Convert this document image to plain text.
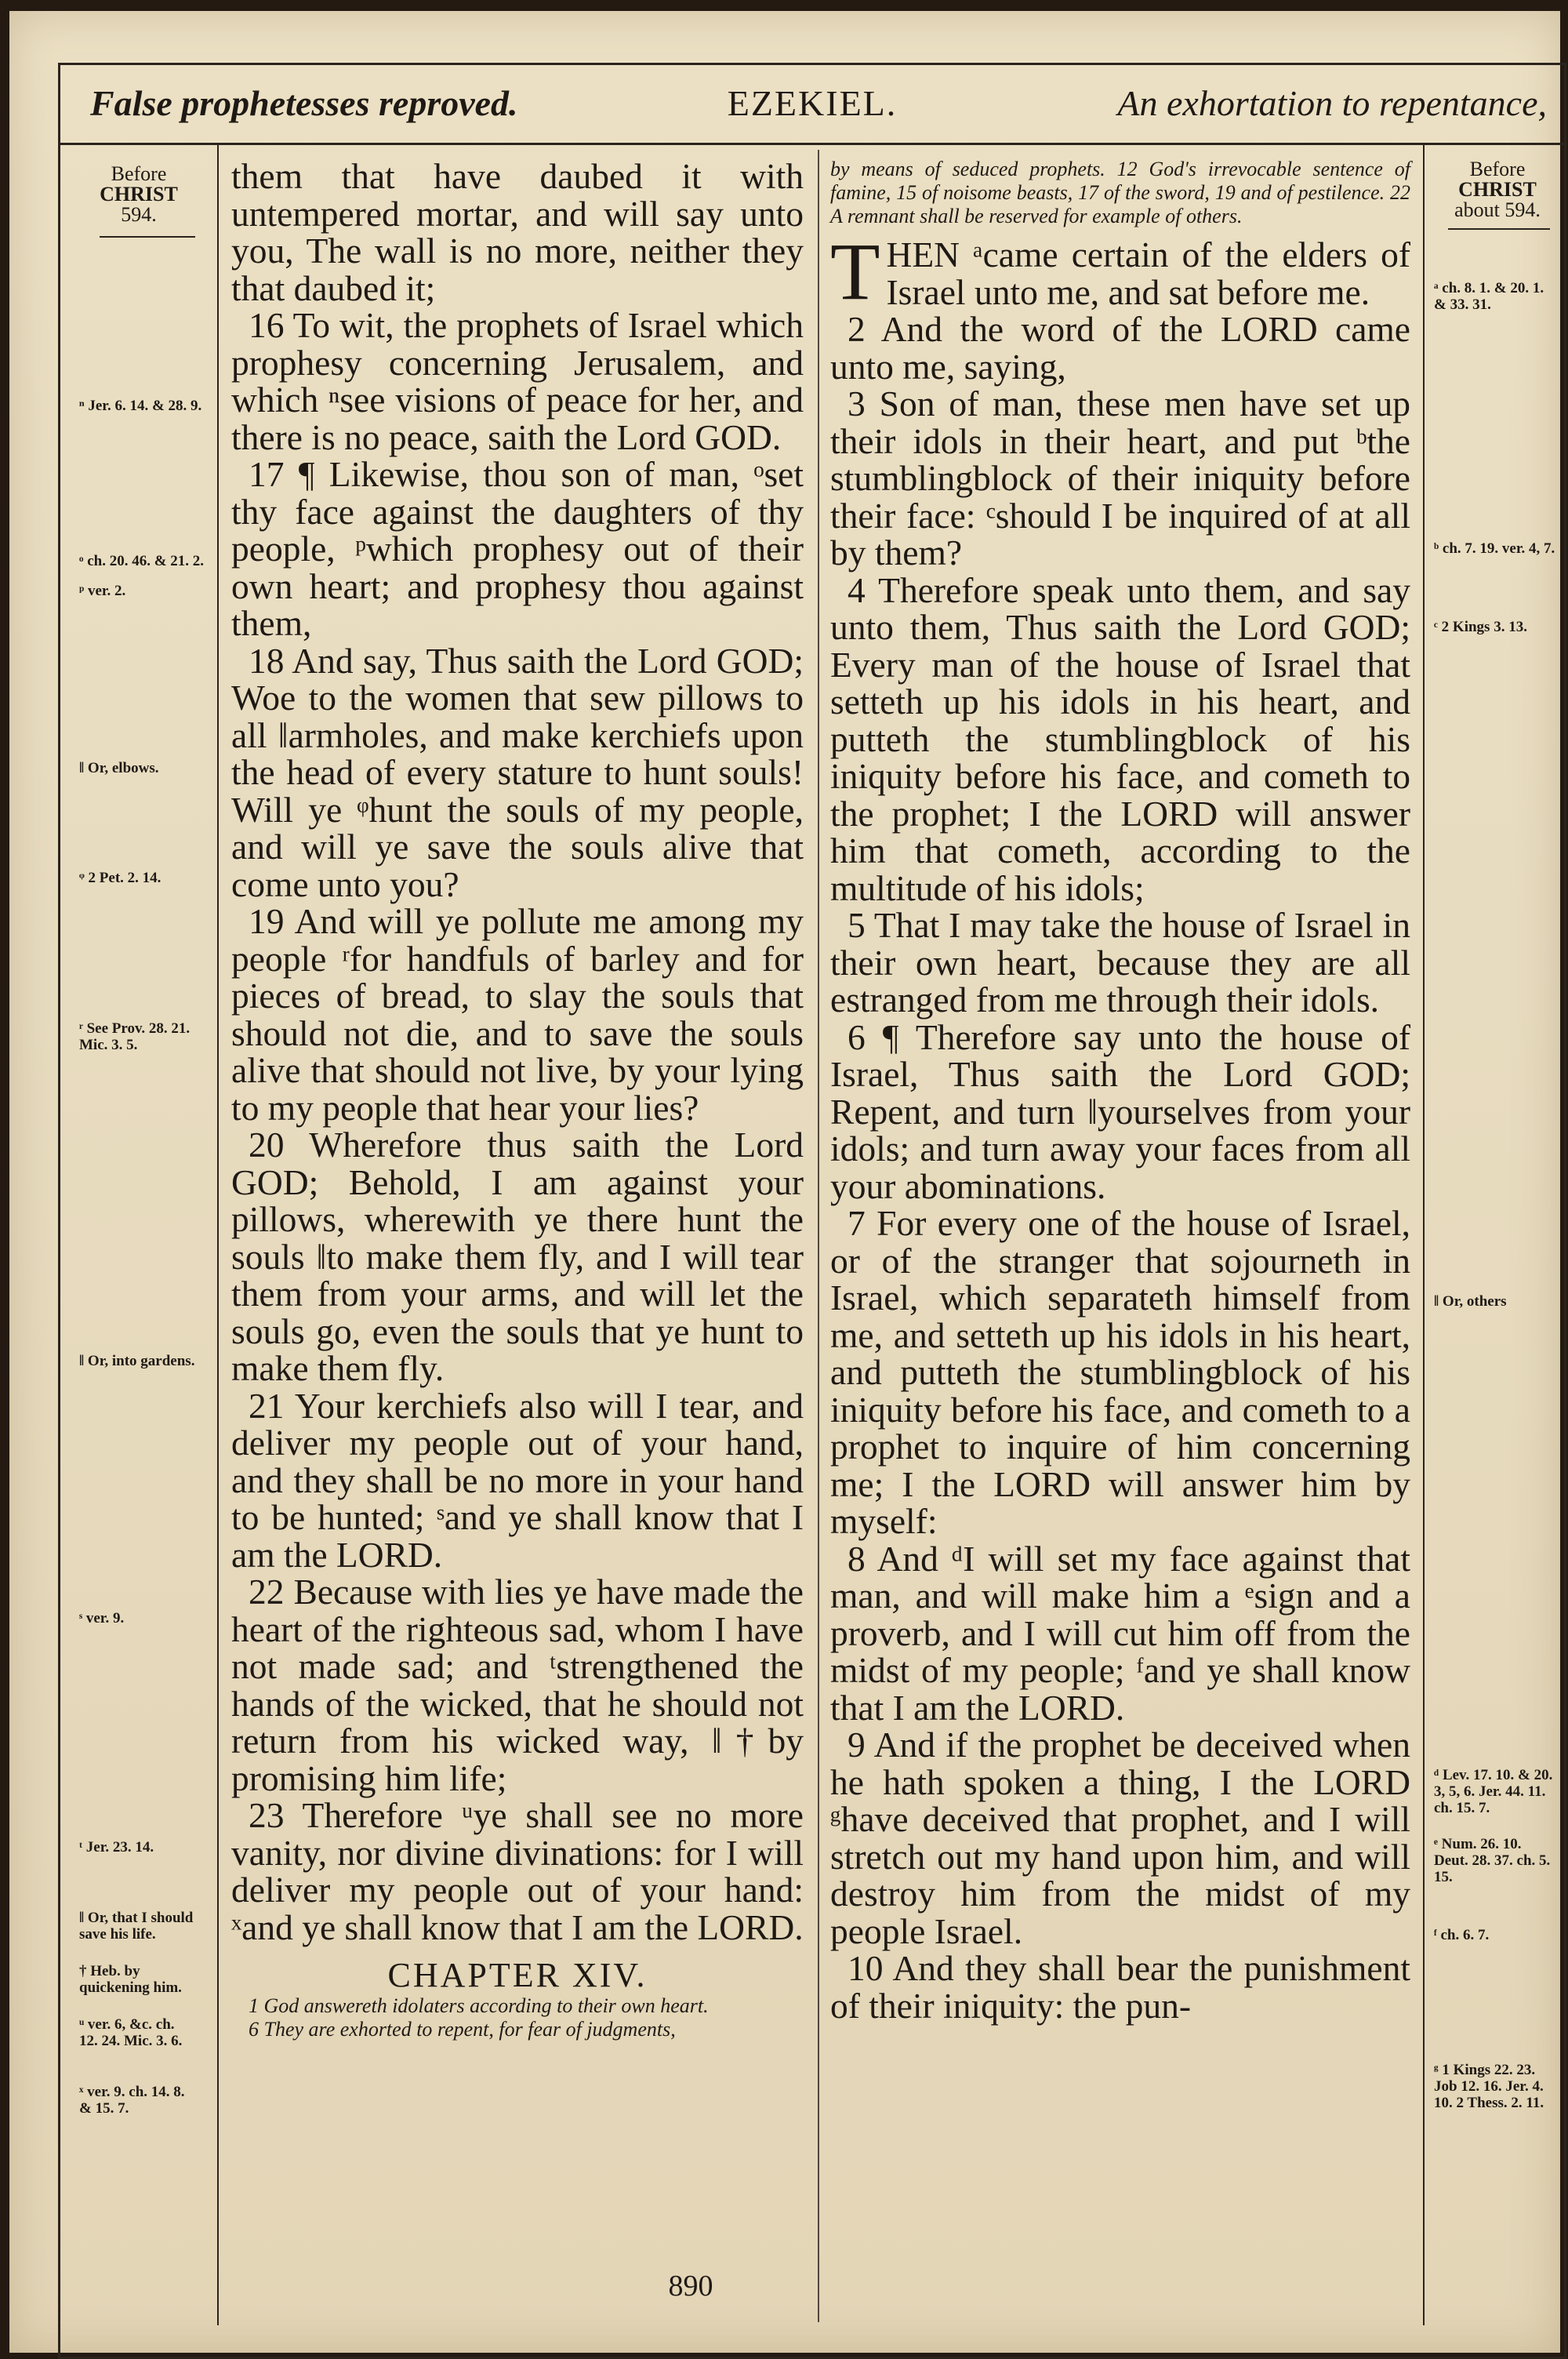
False prophetesses reproved.	EZEKIEL.	An exhortation to repentance,
Before
CHRIST
594.
Before
CHRIST
about 594.
ⁿ Jer. 6. 14. & 28. 9.
ᵒ ch. 20. 46. & 21. 2.
ᵖ ver. 2.
‖ Or, elbows.
ᵠ 2 Pet. 2. 14.
ʳ See Prov. 28. 21. Mic. 3. 5.
‖ Or, into gardens.
ˢ ver. 9.
ᵗ Jer. 23. 14.
‖ Or, that I should save his life.
† Heb. by quickening him.
ᵘ ver. 6, &c. ch. 12. 24. Mic. 3. 6.
ˣ ver. 9. ch. 14. 8. & 15. 7.
ᵃ ch. 8. 1. & 20. 1. & 33. 31.
ᵇ ch. 7. 19. ver. 4, 7.
ᶜ 2 Kings 3. 13.
‖ Or, others
ᵈ Lev. 17. 10. & 20. 3, 5, 6. Jer. 44. 11. ch. 15. 7.
ᵉ Num. 26. 10. Deut. 28. 37. ch. 5. 15.
ᶠ ch. 6. 7.
ᵍ 1 Kings 22. 23. Job 12. 16. Jer. 4. 10. 2 Thess. 2. 11.

them that have daubed it with untempered mortar, and will say unto you, The wall is no more, neither they that daubed it;

16 To wit, the prophets of Israel which prophesy concerning Jerusalem, and which ⁿsee visions of peace for her, and there is no peace, saith the Lord GOD.

17 ¶ Likewise, thou son of man, ᵒset thy face against the daughters of thy people, ᵖwhich prophesy out of their own heart; and prophesy thou against them,

18 And say, Thus saith the Lord GOD; Woe to the women that sew pillows to all ‖armholes, and make kerchiefs upon the head of every stature to hunt souls! Will ye ᵠhunt the souls of my people, and will ye save the souls alive that come unto you?

19 And will ye pollute me among my people ʳfor handfuls of barley and for pieces of bread, to slay the souls that should not die, and to save the souls alive that should not live, by your lying to my people that hear your lies?

20 Wherefore thus saith the Lord GOD; Behold, I am against your pillows, wherewith ye there hunt the souls ‖to make them fly, and I will tear them from your arms, and will let the souls go, even the souls that ye hunt to make them fly.

21 Your kerchiefs also will I tear, and deliver my people out of your hand, and they shall be no more in your hand to be hunted; ˢand ye shall know that I am the LORD.

22 Because with lies ye have made the heart of the righteous sad, whom I have not made sad; and ᵗstrengthened the hands of the wicked, that he should not return from his wicked way, ‖†by promising him life;

23 Therefore ᵘye shall see no more vanity, nor divine divinations: for I will deliver my people out of your hand: ˣand ye shall know that I am the LORD.

CHAPTER XIV.

1 God answereth idolaters according to their own heart.

6 They are exhorted to repent, for fear of judgments,

by means of seduced prophets. 12 God's irrevocable sentence of famine, 15 of noisome beasts, 17 of the sword, 19 and of pestilence. 22 A remnant shall be reserved for example of others.

T HEN ᵃcame certain of the elders of Israel unto me, and sat before me.

2 And the word of the LORD came unto me, saying,

3 Son of man, these men have set up their idols in their heart, and put ᵇthe stumblingblock of their iniquity before their face: ᶜshould I be inquired of at all by them?

4 Therefore speak unto them, and say unto them, Thus saith the Lord GOD; Every man of the house of Israel that setteth up his idols in his heart, and putteth the stumblingblock of his iniquity before his face, and cometh to the prophet; I the LORD will answer him that cometh, according to the multitude of his idols;

5 That I may take the house of Israel in their own heart, because they are all estranged from me through their idols.

6 ¶ Therefore say unto the house of Israel, Thus saith the Lord GOD; Repent, and turn ‖yourselves from your idols; and turn away your faces from all your abominations.

7 For every one of the house of Israel, or of the stranger that sojourneth in Israel, which separateth himself from me, and setteth up his idols in his heart, and putteth the stumblingblock of his iniquity before his face, and cometh to a prophet to inquire of him concerning me; I the LORD will answer him by myself:

8 And ᵈI will set my face against that man, and will make him a ᵉsign and a proverb, and I will cut him off from the midst of my people; ᶠand ye shall know that I am the LORD.

9 And if the prophet be deceived when he hath spoken a thing, I the LORD ᵍhave deceived that prophet, and I will stretch out my hand upon him, and will destroy him from the midst of my people Israel.

10 And they shall bear the punishment of their iniquity: the pun-

890
